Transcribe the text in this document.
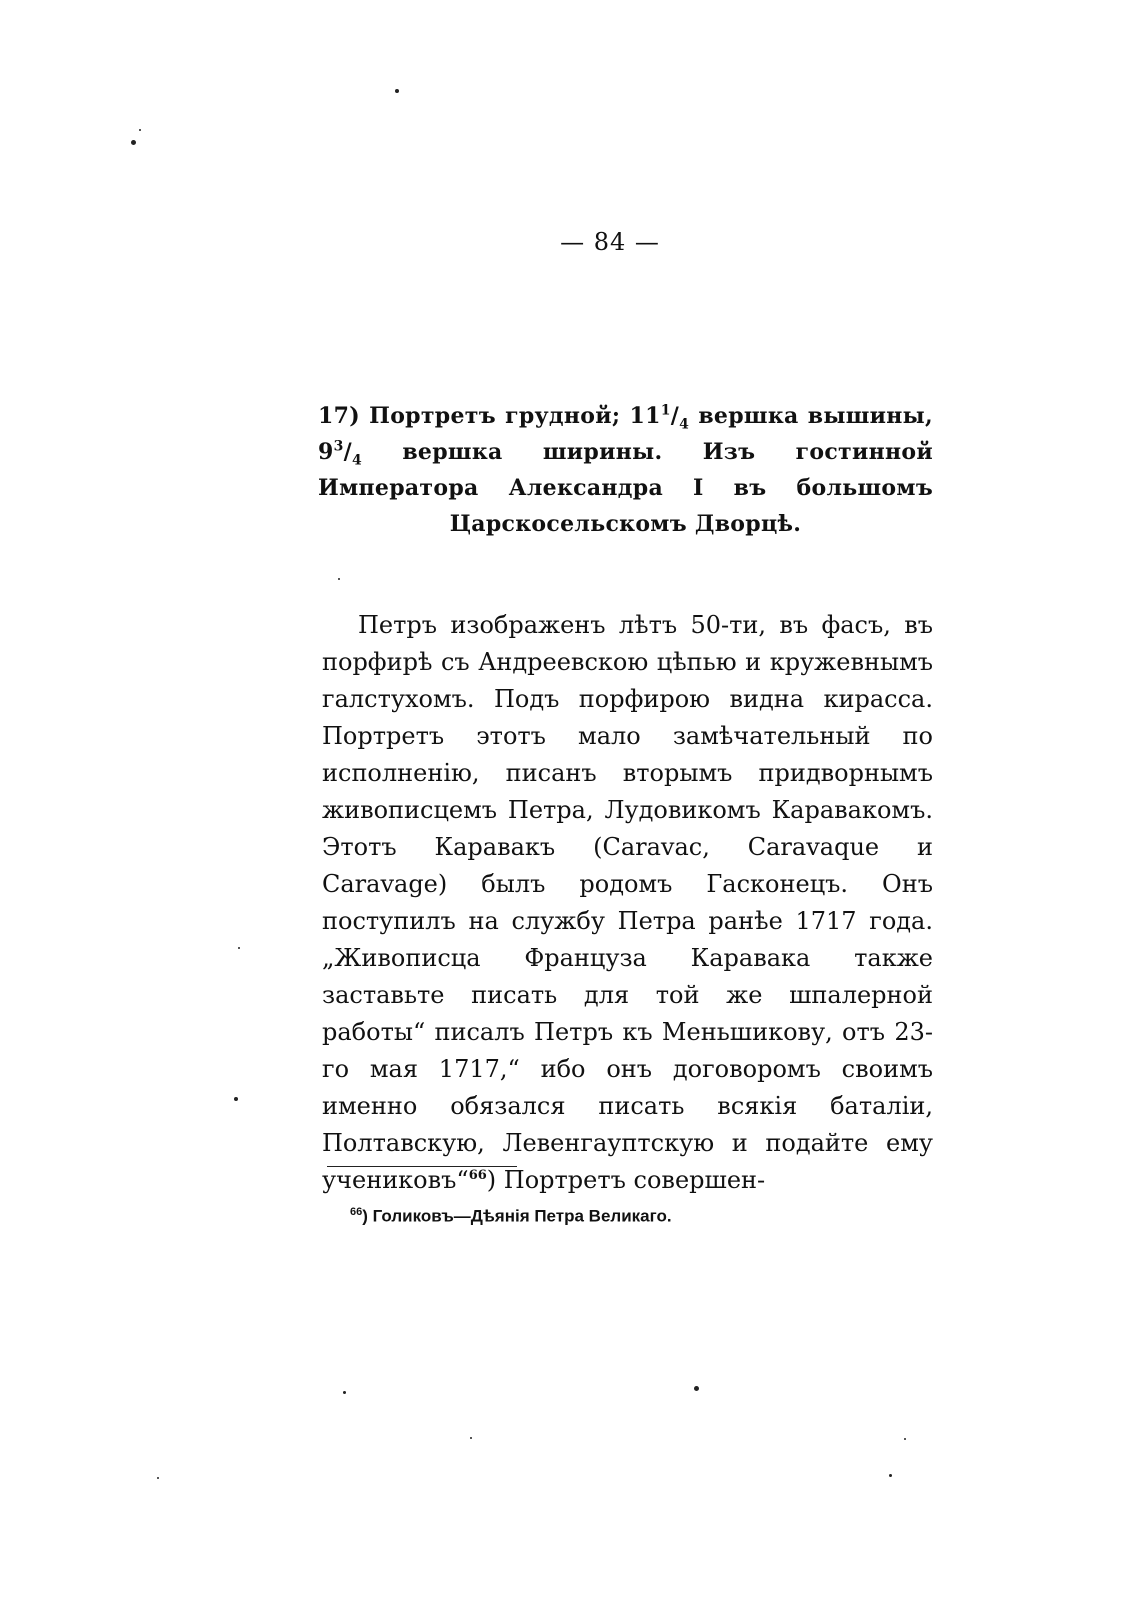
— 84 —
17) Портретъ грудной; $11^1/_4$ вершка вышины, $9^3/_4$ вершка ширины. Изъ гостинной Императора Александра I въ большомъ Царскосельскомъ Дворцѣ.

Петръ изображенъ лѣтъ 50-ти, въ фасъ, въ порфирѣ съ Андреевскою цѣпью и кружевнымъ галстухомъ. Подъ порфирою видна кирасса. Портретъ этотъ мало замѣчательный по исполненію, писанъ вторымъ придворнымъ живописцемъ Петра, Лудовикомъ Каравакомъ. Этотъ Каравакъ (Caravac, Caravaque и Caravage) былъ родомъ Гасконецъ. Онъ поступилъ на службу Петра ранѣе 1717 года. „Живописца Француза Каравака также заставьте писать для той же шпалерной работы“ писалъ Петръ къ Меньшикову, отъ 23-го мая 1717,“ ибо онъ договоромъ своимъ именно обязался писать всякія баталіи, Полтавскую, Левенгауптскую и подайте ему учениковъ“$^{66}$) Портретъ совершен-

$^{66}$) Голиковъ—Дѣянія Петра Великаго.
